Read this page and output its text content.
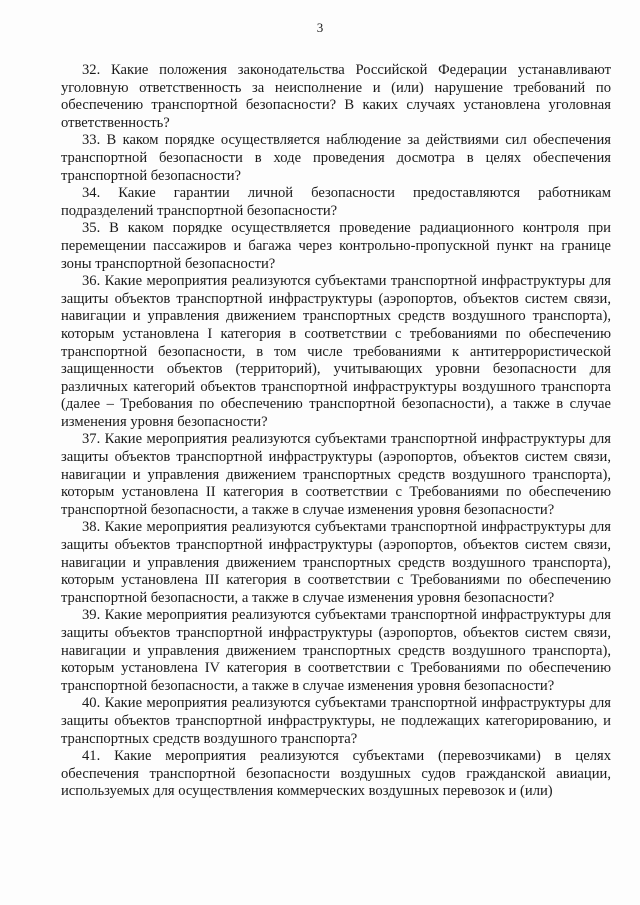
3

32. Какие положения законодательства Российской Федерации устанавливают уголовную ответственность за неисполнение и (или) нарушение требований по обеспечению транспортной безопасности? В каких случаях установлена уголовная ответственность?

33. В каком порядке осуществляется наблюдение за действиями сил обеспечения транспортной безопасности в ходе проведения досмотра в целях обеспечения транспортной безопасности?

34. Какие гарантии личной безопасности предоставляются работникам подразделений транспортной безопасности?

35. В каком порядке осуществляется проведение радиационного контроля при перемещении пассажиров и багажа через контрольно-пропускной пункт на границе зоны транспортной безопасности?

36. Какие мероприятия реализуются субъектами транспортной инфраструктуры для защиты объектов транспортной инфраструктуры (аэропортов, объектов систем связи, навигации и управления движением транспортных средств воздушного транспорта), которым установлена I категория в соответствии с требованиями по обеспечению транспортной безопасности, в том числе требованиями к антитеррористической защищенности объектов (территорий), учитывающих уровни безопасности для различных категорий объектов транспортной инфраструктуры воздушного транспорта (далее – Требования по обеспечению транспортной безопасности), а также в случае изменения уровня безопасности?

37. Какие мероприятия реализуются субъектами транспортной инфраструктуры для защиты объектов транспортной инфраструктуры (аэропортов, объектов систем связи, навигации и управления движением транспортных средств воздушного транспорта), которым установлена II категория в соответствии с Требованиями по обеспечению транспортной безопасности, а также в случае изменения уровня безопасности?

38. Какие мероприятия реализуются субъектами транспортной инфраструктуры для защиты объектов транспортной инфраструктуры (аэропортов, объектов систем связи, навигации и управления движением транспортных средств воздушного транспорта), которым установлена III категория в соответствии с Требованиями по обеспечению транспортной безопасности, а также в случае изменения уровня безопасности?

39. Какие мероприятия реализуются субъектами транспортной инфраструктуры для защиты объектов транспортной инфраструктуры (аэропортов, объектов систем связи, навигации и управления движением транспортных средств воздушного транспорта), которым установлена IV категория в соответствии с Требованиями по обеспечению транспортной безопасности, а также в случае изменения уровня безопасности?

40. Какие мероприятия реализуются субъектами транспортной инфраструктуры для защиты объектов транспортной инфраструктуры, не подлежащих категорированию, и транспортных средств воздушного транспорта?

41. Какие мероприятия реализуются субъектами (перевозчиками) в целях обеспечения транспортной безопасности воздушных судов гражданской авиации, используемых для осуществления коммерческих воздушных перевозок и (или)
